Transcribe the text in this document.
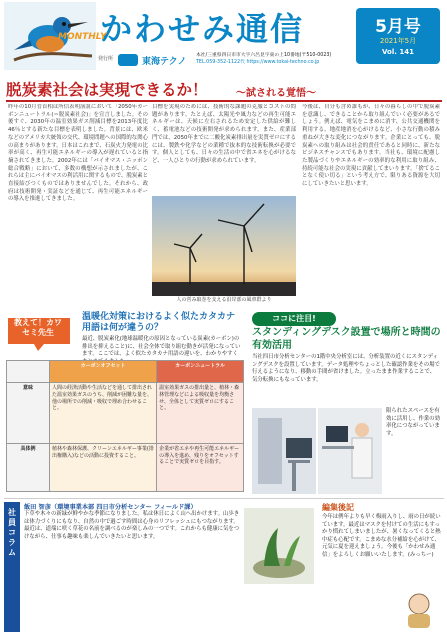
かわせみ通信
MONTHLY	5月号
2021年5月
Vol. 141
発行所	東海テクノ
本社/三重県四日市市大字六呂見字東の上10番地(〒510-0023)
TEL.059-352-1122代 https://www.tokai-techno.co.jp
脱炭素社会は実現できるか！	～試される覚悟～
昨年の10月菅首相は所信表明演説において「2050年カーボンニュートラル(＝脱炭素社会)」を宣言しました。その後すぐ、2030年の温室効果ガス削減目標を2013年度比46％とする新たな目標を表明しました。背景には、欧米などのアメリカ大統領の交代、環境問題への国際的な関心の高まりがあります。日本はこれまで、石炭火力発電の比率が高く、再生可能エネルギーの導入が遅れていると指摘されてきました。2002年には「バイオマス・ニッポン総合戦略」において、多数の構想が示されましたが、これらは主にバイオマスの利活用に関するもので、脱炭素と直接結びつくものではありませんでした。それから、政府は技術開発・実証などを通じて、再生可能エネルギーの導入を推進してきました。
目標を実現のためには、技術的な課題の克服とコストの問題があります。たとえば、太陽光や風力などの再生可能エネルギーは、天候に左右されるため安定した供給が難しく、蓄電池などの技術開発が求められます。また、産業部門では、2050年までに二酸化炭素排出量を実質ゼロにするには、製鉄や化学などの業種で抜本的な技術転換が必要です。個人としても、日々の生活の中で省エネを心がけるなど、一人ひとりの行動が求められています。
今後は、自分も含め誰もが、日々の暮らしの中で脱炭素を意識し、できることから取り組んでいく必要があるでしょう。例えば、電気をこまめに消す、公共交通機関を利用する、地産地消を心がけるなど、小さな行動の積み重ねが大きな変化につながります。企業にとっても、脱炭素への取り組みは社会的責任であると同時に、新たなビジネスチャンスでもあります。当社も、環境に配慮した製品づくりやエネルギーの効率的な利用に取り組み、持続可能な社会の実現に貢献してまいります。「捨てることなく使い切る」という考え方で、限りある資源を大切にしていきたいと思います。
人の営み取巻を支える沿岸部の風車群より
教えて！カワセミ先生
温暖化対策におけるよく似たカタカナ用語は何が違うの？
最近、脱炭素化(地球温暖化の原因となっている炭素(カーボン)の排出を抑えること)に、社会全体で取り組む動きが活発になっています。ここでは、よく似たカタカナ用語の違いを、わかりやすく
	カーボンオフセット	カーボンニュートラル
意味	人間の経済活動や生活などを通して排出された温室効果ガスのうち、削減が困難な量を、他の場所での削減・吸収で埋め合わせること。	温室効果ガスの排出量と、植林・森林管理などによる吸収量を均衡させ、全体として実質ゼロにすること。
具体例	植林や森林保護、クリーンエネルギー事業(排出権購入)などの活動に投資すること。	企業が省エネや再生可能エネルギーの導入を進め、残りをオフセットすることで実質ゼロを目指す。
ココに注目!
スタンディングデスク設置で場所と時間の有効活用
当社四日市分析センターの1階中央分析室には、分析装置の近くにスタンディングデスクを設置しています。データ処理やちょっとした確認作業をその場で行えるようになり、移動の手間が省けました。立ったまま作業することで、気分転換にもなっています。
限られたスペースを有効に活用し、作業の効率化につながっています。
社員コラム
飯田 智彦（環境事業本部 四日市分析センター フィールド課）
下草や木々の新緑が鮮やかな季節になりました。私は休日によく山へ出かけます。山歩きは体力づくりにもなり、自然の中で過ごす時間は心身のリフレッシュにもつながります。最近は、道端に咲く草花の名前を調べるのが楽しみの一つです。これからも健康に気をつけながら、仕事も趣味も楽しんでいきたいと思います。
編集後記
今年は例年よりも早く梅雨入りし、雨の日が続いています。最近はマスクを付けての生活にもすっかり慣れてしまいましたが、暑くなってくると熱中症も心配です。こまめな水分補給を心がけて、元気に夏を迎えましょう。今後も「かわせみ通信」をよろしくお願いいたします。(みっちー)
